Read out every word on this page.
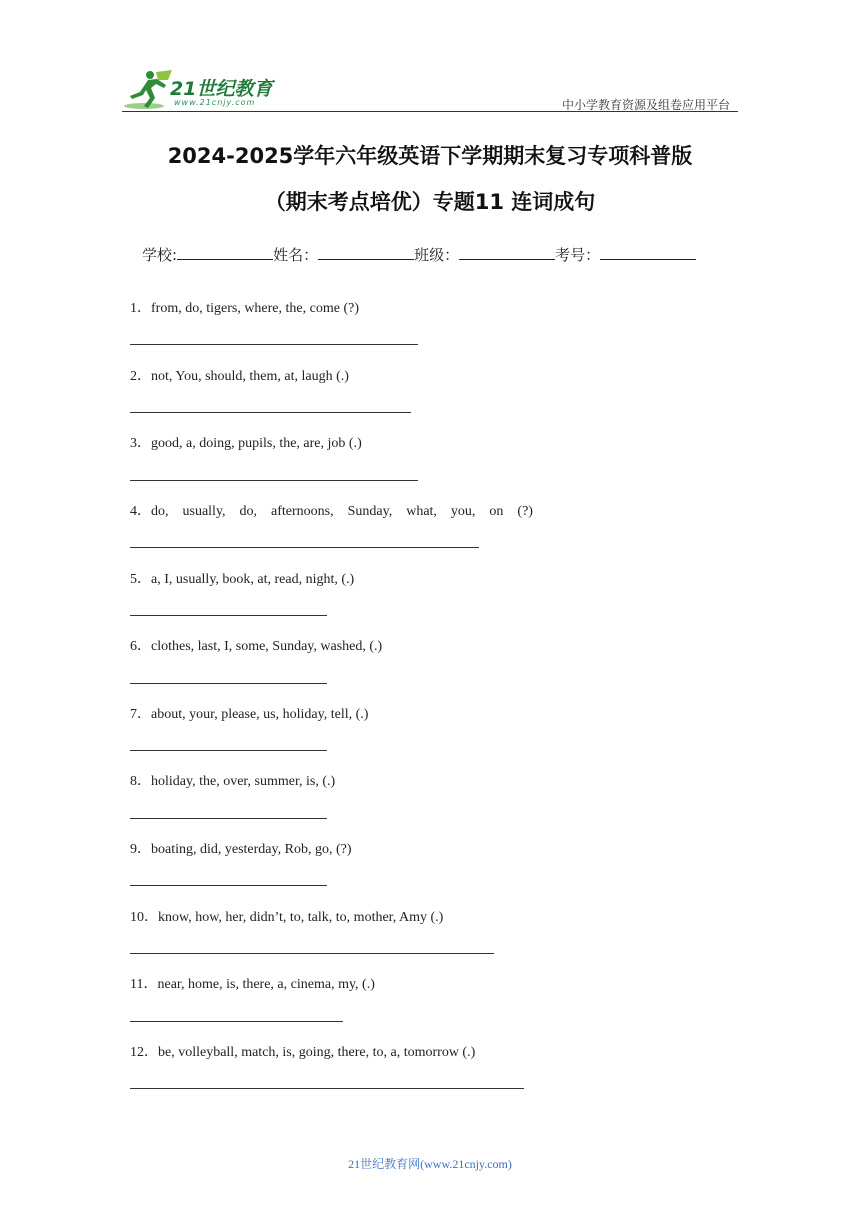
21世纪教育
www.21cnjy.com	中小学教育资源及组卷应用平台
2024-2025学年六年级英语下学期期末复习专项科普版
（期末考点培优）专题11 连词成句
学校:	姓名：	班级：	考号：
1．from, do, tigers, where, the, come (?)
2．not, You, should, them, at, laugh (.)
3．good, a, doing, pupils, the, are, job (.)
4．do,    usually,    do,    afternoons,    Sunday,    what,    you,    on    (?)
5．a, I, usually, book, at, read, night, (.)
6．clothes, last, I, some, Sunday, washed, (.)
7．about, your, please, us, holiday, tell, (.)
8．holiday, the, over, summer, is, (.)
9．boating, did, yesterday, Rob, go, (?)
10．know, how, her, didn’t, to, talk, to, mother, Amy (.)
11．near, home, is, there, a, cinema, my, (.)
12．be, volleyball, match, is, going, there, to, a, tomorrow (.)
21世纪教育网(www.21cnjy.com)
